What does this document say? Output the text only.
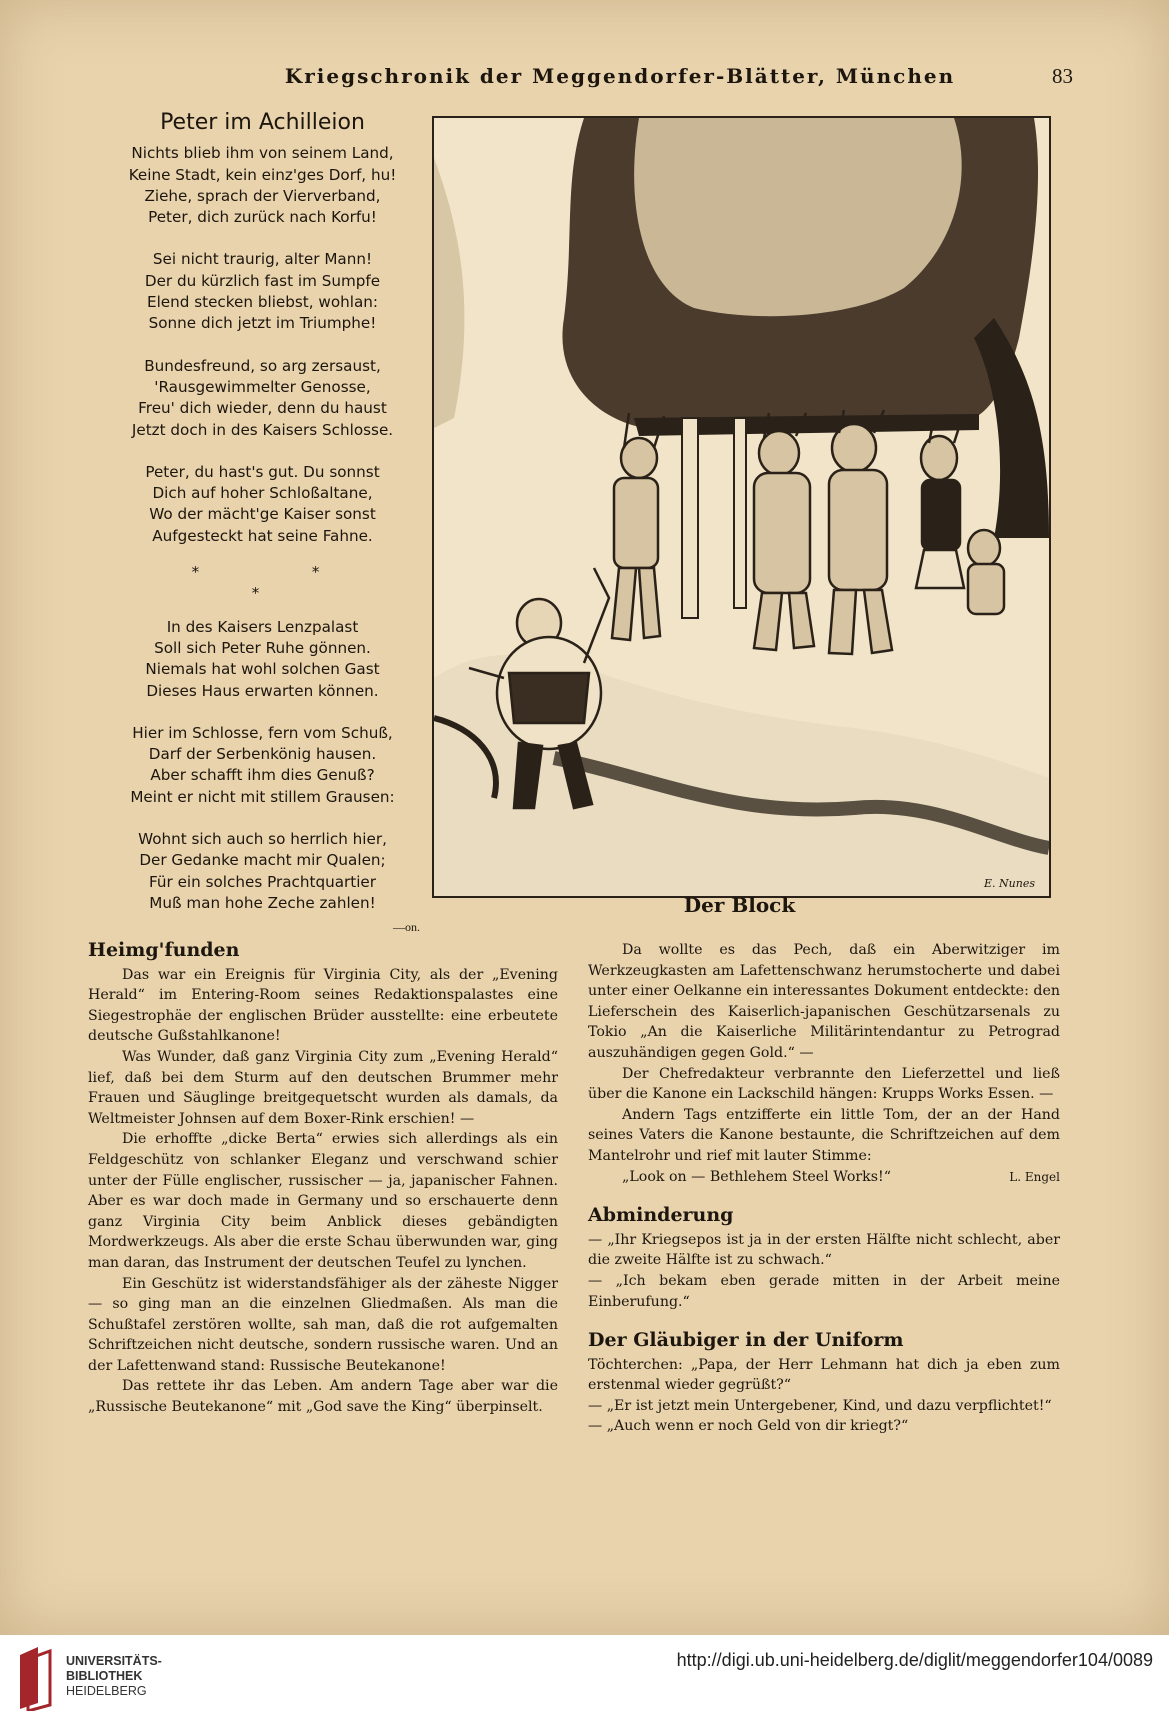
Kriegschronik der Meggendorfer-Blätter, München	83
Peter im Achilleion
Nichts blieb ihm von seinem Land,
Keine Stadt, kein einz'ges Dorf, hu!
Ziehe, sprach der Vierverband,
Peter, dich zurück nach Korfu!
Sei nicht traurig, alter Mann!
Der du kürzlich fast im Sumpfe
Elend stecken bliebst, wohlan:
Sonne dich jetzt im Triumphe!
Bundesfreund, so arg zersaust,
'Rausgewimmelter Genosse,
Freu' dich wieder, denn du haust
Jetzt doch in des Kaisers Schlosse.
Peter, du hast's gut. Du sonnst
Dich auf hoher Schloßaltane,
Wo der mächt'ge Kaiser sonst
Aufgesteckt hat seine Fahne.
* * *
In des Kaisers Lenzpalast
Soll sich Peter Ruhe gönnen.
Niemals hat wohl solchen Gast
Dieses Haus erwarten können.
Hier im Schlosse, fern vom Schuß,
Darf der Serbenkönig hausen.
Aber schafft ihm dies Genuß?
Meint er nicht mit stillem Grausen:
Wohnt sich auch so herrlich hier,
Der Gedanke macht mir Qualen;
Für ein solches Prachtquartier
Muß man hohe Zeche zahlen!
—on.
E. Nunes
Der Block
Heimg'funden

Das war ein Ereignis für Virginia City, als der „Evening Herald“ im Entering-Room seines Redaktionspalastes eine Siegestrophäe der englischen Brüder ausstellte: eine erbeutete deutsche Gußstahlkanone!

Was Wunder, daß ganz Virginia City zum „Evening Herald“ lief, daß bei dem Sturm auf den deutschen Brummer mehr Frauen und Säuglinge breitgequetscht wurden als damals, da Weltmeister Johnsen auf dem Boxer-Rink erschien! —

Die erhoffte „dicke Berta“ erwies sich allerdings als ein Feldgeschütz von schlanker Eleganz und verschwand schier unter der Fülle englischer, russischer — ja, japanischer Fahnen. Aber es war doch made in Germany und so erschauerte denn ganz Virginia City beim Anblick dieses gebändigten Mordwerkzeugs. Als aber die erste Schau überwunden war, ging man daran, das Instrument der deutschen Teufel zu lynchen.

Ein Geschütz ist widerstandsfähiger als der zäheste Nigger — so ging man an die einzelnen Gliedmaßen. Als man die Schußtafel zerstören wollte, sah man, daß die rot aufgemalten Schriftzeichen nicht deutsche, sondern russische waren. Und an der Lafettenwand stand: Russische Beutekanone!

Das rettete ihr das Leben. Am andern Tage aber war die „Russische Beutekanone“ mit „God save the King“ überpinselt.

Da wollte es das Pech, daß ein Aberwitziger im Werkzeugkasten am Lafettenschwanz herumstocherte und dabei unter einer Oelkanne ein interessantes Dokument entdeckte: den Lieferschein des Kaiserlich-japanischen Geschützarsenals zu Tokio „An die Kaiserliche Militärintendantur zu Petrograd auszuhändigen gegen Gold.“ —

Der Chefredakteur verbrannte den Lieferzettel und ließ über die Kanone ein Lackschild hängen: Krupps Works Essen. —

Andern Tags entzifferte ein little Tom, der an der Hand seines Vaters die Kanone bestaunte, die Schriftzeichen auf dem Mantelrohr und rief mit lauter Stimme:

„Look on — Bethlehem Steel Works!“	L. Engel

Abminderung

— „Ihr Kriegsepos ist ja in der ersten Hälfte nicht schlecht, aber die zweite Hälfte ist zu schwach.“

— „Ich bekam eben gerade mitten in der Arbeit meine Einberufung.“

Der Gläubiger in der Uniform

Töchterchen: „Papa, der Herr Lehmann hat dich ja eben zum erstenmal wieder gegrüßt?“

— „Er ist jetzt mein Untergebener, Kind, und dazu verpflichtet!“

— „Auch wenn er noch Geld von dir kriegt?“

UNIVERSITÄTS-
BIBLIOTHEK
HEIDELBERG
http://digi.ub.uni-heidelberg.de/diglit/meggendorfer104/0089
